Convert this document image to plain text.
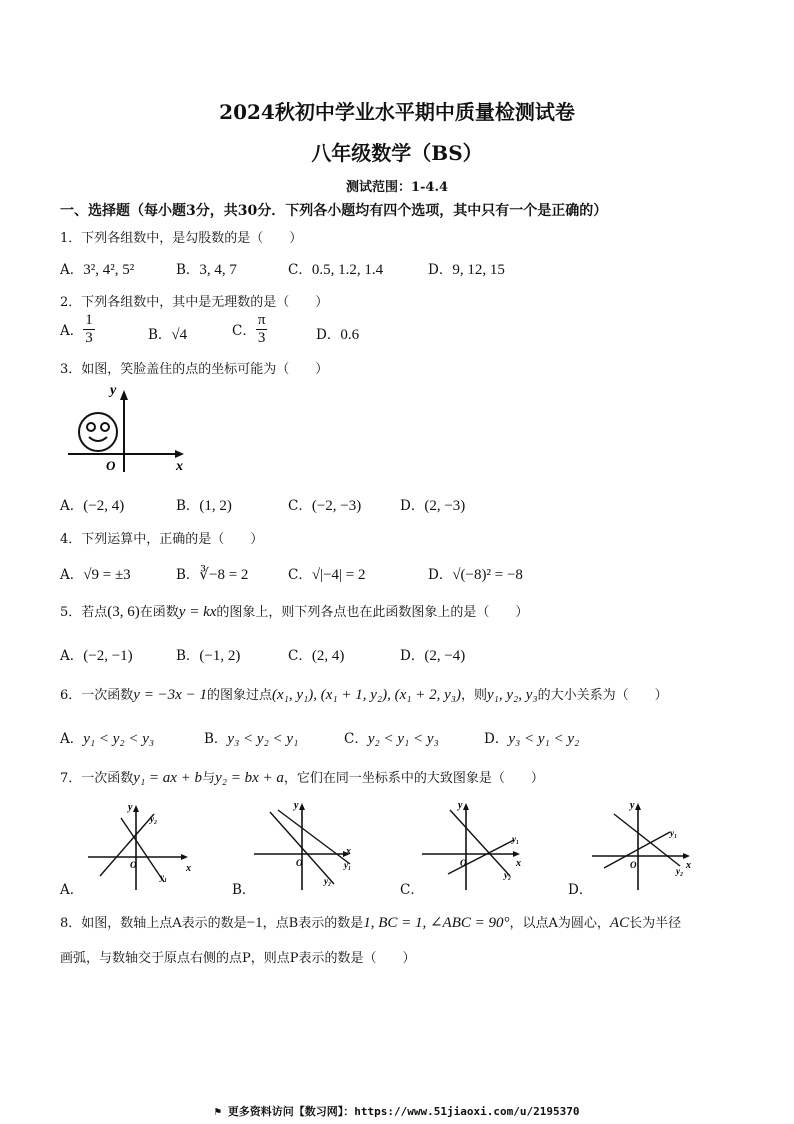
2024秋初中学业水平期中质量检测试卷
八年级数学（BS）
测试范围：1-4.4
一、选择题（每小题3分，共30分．下列各小题均有四个选项，其中只有一个是正确的）
1．下列各组数中，是勾股数的是（　　）
A．3², 4², 5²	B．3, 4, 7	C．0.5, 1.2, 1.4	D．9, 12, 15
2．下列各组数中，其中是无理数的是（　　）
A． $\frac{1}{3}$	B．√4	C． $\frac{\pi}{3}$	D．0.6
3．如图，笑脸盖住的点的坐标可能为（　　）
y
x
O
A．(−2, 4)	B．(1, 2)	C．(−2, −3)	D．(2, −3)
4．下列运算中，正确的是（　　）
A．√9 = ±3	B．∛−8 = 2	C．√|−4| = 2	D．√(−8)² = −8
5．若点(3, 6)在函数y = kx的图象上，则下列各点也在此函数图象上的是（　　）
A．(−2, −1)	B．(−1, 2)	C．(2, 4)	D．(2, −4)
6．一次函数y = −3x − 1的图象过点(x₁, y₁), (x₁ + 1, y₂), (x₁ + 2, y₃)，则y₁, y₂, y₃的大小关系为（　　）
A．y₁ < y₂ < y₃	B．y₃ < y₂ < y₁	C．y₂ < y₁ < y₃	D．y₃ < y₁ < y₂
7．一次函数y₁ = ax + b与y₂ = bx + a，它们在同一坐标系中的大致图象是（　　）
y
x
O
y₂
y₁
A．
y
x
O	y₁
y₂
B．
y
x
O
y₁
y₂
C．
y
x
O
y₁
y₂
D．
8．如图，数轴上点A表示的数是−1，点B表示的数是1, BC = 1, ∠ABC = 90°，以点A为圆心，AC长为半径
画弧，与数轴交于原点右侧的点P，则点P表示的数是（　　）
⚑ 更多资料访问【数习网】：https://www.51jiaoxi.com/u/2195370
